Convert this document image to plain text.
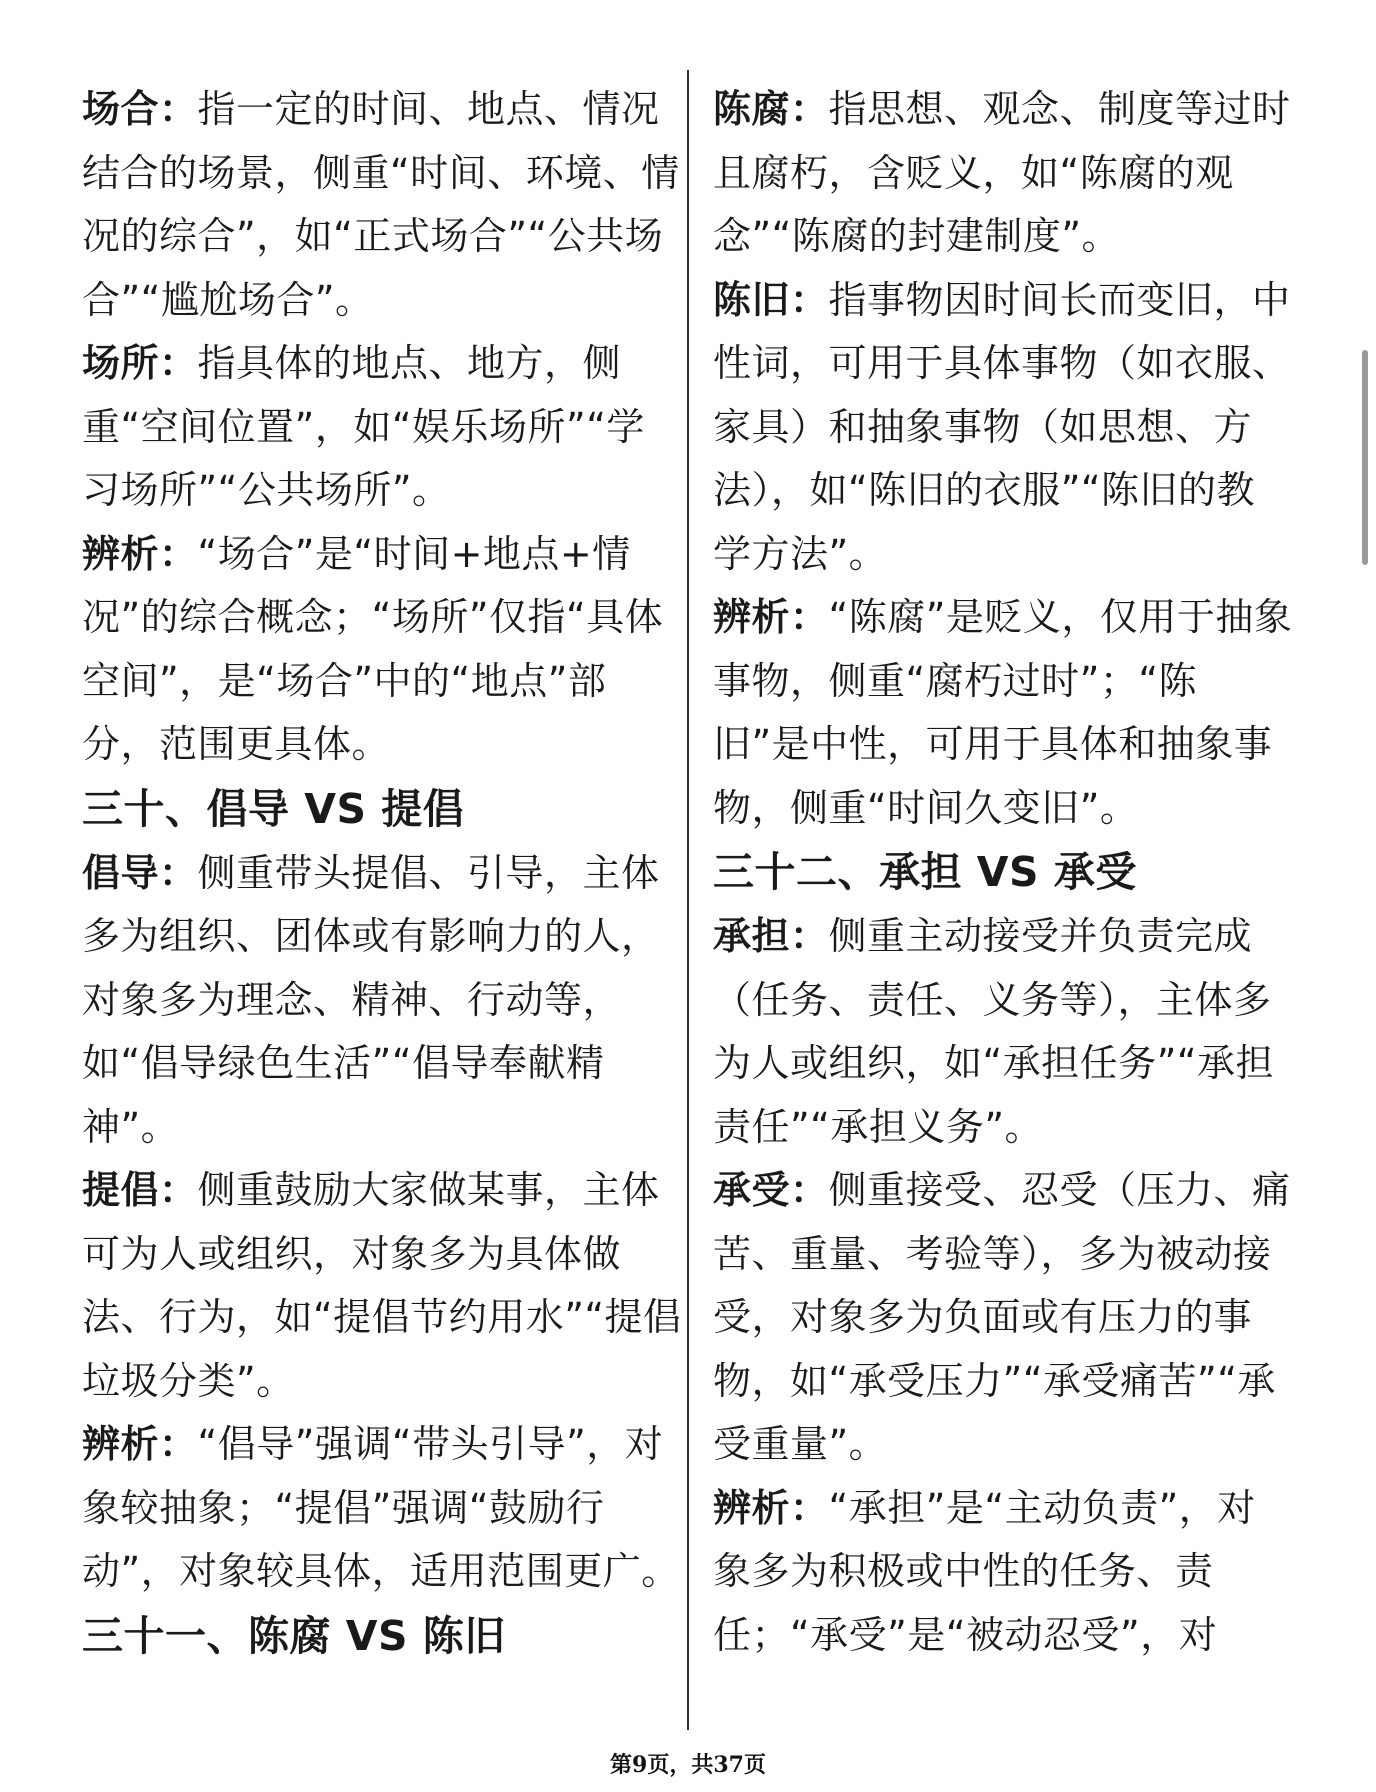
场合：指一定的时间、地点、情况结合的场景，侧重“时间、环境、情况的综合”，如“正式场合”“公共场合”“尴尬场合”。

场所：指具体的地点、地方，侧重“空间位置”，如“娱乐场所”“学习场所”“公共场所”。

辨析：“场合”是“时间+地点+情况”的综合概念；“场所”仅指“具体空间”，是“场合”中的“地点”部分，范围更具体。

三十、倡导 VS 提倡

倡导：侧重带头提倡、引导，主体多为组织、团体或有影响力的人，对象多为理念、精神、行动等，如“倡导绿色生活”“倡导奉献精神”。

提倡：侧重鼓励大家做某事，主体可为人或组织，对象多为具体做法、行为，如“提倡节约用水”“提倡垃圾分类”。

辨析：“倡导”强调“带头引导”，对象较抽象；“提倡”强调“鼓励行动”，对象较具体，适用范围更广。

三十一、陈腐 VS 陈旧

陈腐：指思想、观念、制度等过时且腐朽，含贬义，如“陈腐的观念”“陈腐的封建制度”。

陈旧：指事物因时间长而变旧，中性词，可用于具体事物（如衣服、家具）和抽象事物（如思想、方法），如“陈旧的衣服”“陈旧的教学方法”。

辨析：“陈腐”是贬义，仅用于抽象事物，侧重“腐朽过时”；“陈旧”是中性，可用于具体和抽象事物，侧重“时间久变旧”。

三十二、承担 VS 承受

承担：侧重主动接受并负责完成（任务、责任、义务等），主体多为人或组织，如“承担任务”“承担责任”“承担义务”。

承受：侧重接受、忍受（压力、痛苦、重量、考验等），多为被动接受，对象多为负面或有压力的事物，如“承受压力”“承受痛苦”“承受重量”。

辨析：“承担”是“主动负责”，对象多为积极或中性的任务、责任；“承受”是“被动忍受”，对

第9页，共37页
